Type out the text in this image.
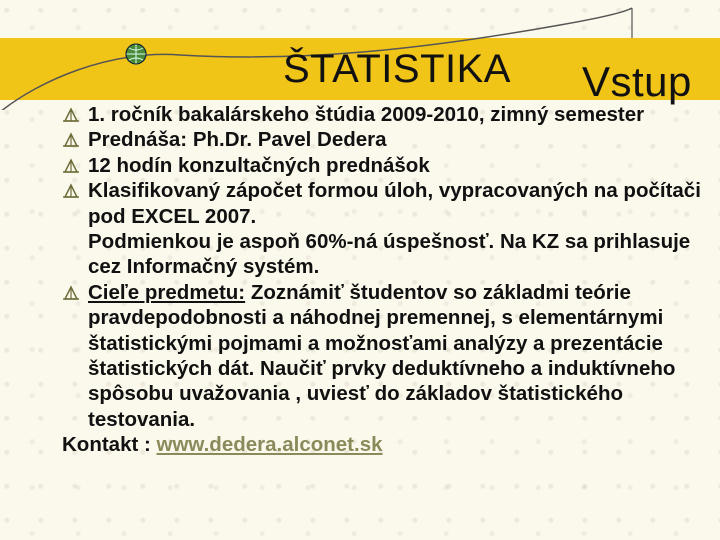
ŠTATISTIKA Vstup
1. ročník bakalárskeho štúdia 2009-2010, zimný semester
Prednáša: Ph.Dr. Pavel Dedera
12 hodín konzultačných prednášok
Klasifikovaný zápočet formou úloh, vypracovaných na počítači pod EXCEL 2007.
Podmienkou je aspoň 60%-ná úspešnosť. Na KZ sa prihlasuje cez Informačný systém.
Cieľe predmetu: Zoznámiť študentov so základmi teórie pravdepodobnosti a náhodnej premennej, s elementárnymi štatistickými pojmami a možnosťami analýzy a prezentácie štatistických dát. Naučiť prvky deduktívneho a induktívneho spôsobu uvažovania , uviesť do základov štatistického testovania.
Kontakt : www.dedera.alconet.sk
